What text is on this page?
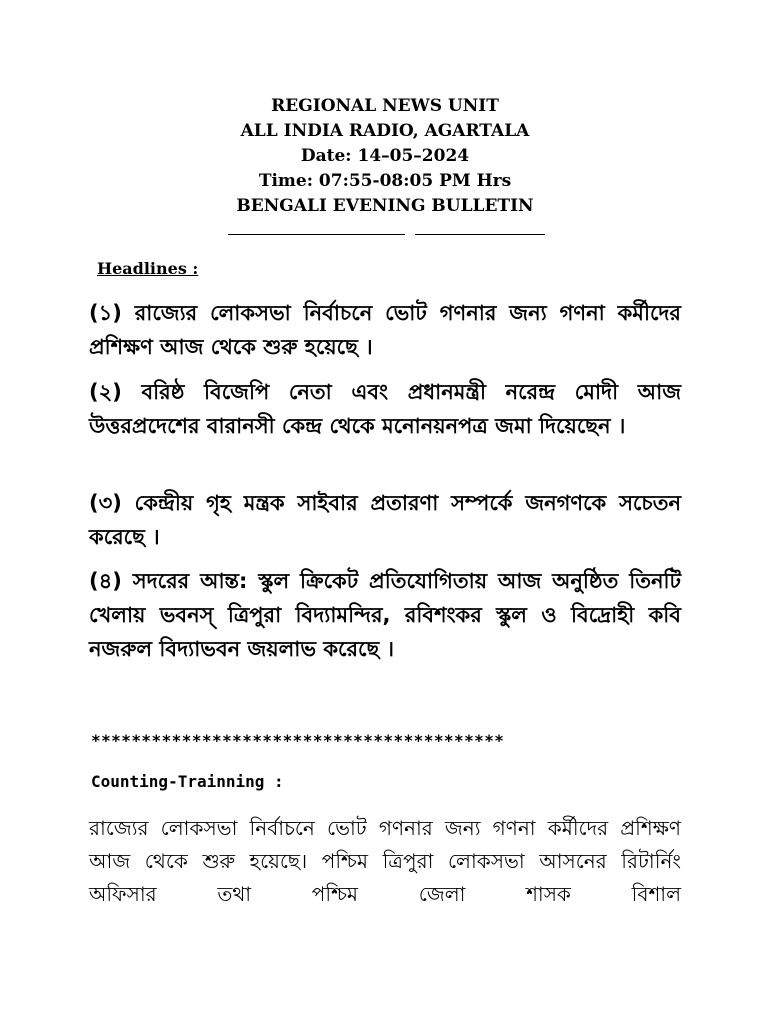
REGIONAL NEWS UNIT
ALL INDIA RADIO, AGARTALA
Date: 14–05–2024
Time: 07:55-08:05 PM Hrs
BENGALI EVENING BULLETIN
Headlines :
(১) রাজ্যের লোকসভা নির্বাচনে ভোট গণনার জন্য গণনা কর্মীদের প্রশিক্ষণ আজ থেকে শুরু হয়েছে ।
(২) বরিষ্ঠ বিজেপি নেতা এবং প্রধানমন্ত্রী নরেন্দ্র মোদী আজ উত্তরপ্রদেশের বারানসী কেন্দ্র থেকে মনোনয়নপত্র জমা দিয়েছেন ।
(৩) কেন্দ্রীয় গৃহ মন্ত্রক সাইবার প্রতারণা সম্পর্কে জনগণকে সচেতন করেছে ।
(৪) সদরের আন্ত: স্কুল ক্রিকেট প্রতিযোগিতায় আজ অনুষ্ঠিত তিনটি খেলায় ভবনস্ ত্রিপুরা বিদ্যামন্দির, রবিশংকর স্কুল ও বিদ্রোহী কবি নজরুল বিদ্যাভবন জয়লাভ করেছে ।
*****************************************
Counting-Trainning :
রাজ্যের লোকসভা নির্বাচনে ভোট গণনার জন্য গণনা কর্মীদের প্রশিক্ষণ আজ থেকে শুরু হয়েছে। পশ্চিম ত্রিপুরা লোকসভা আসনের রিটার্নিং অফিসার তথা পশ্চিম জেলা শাসক বিশাল
